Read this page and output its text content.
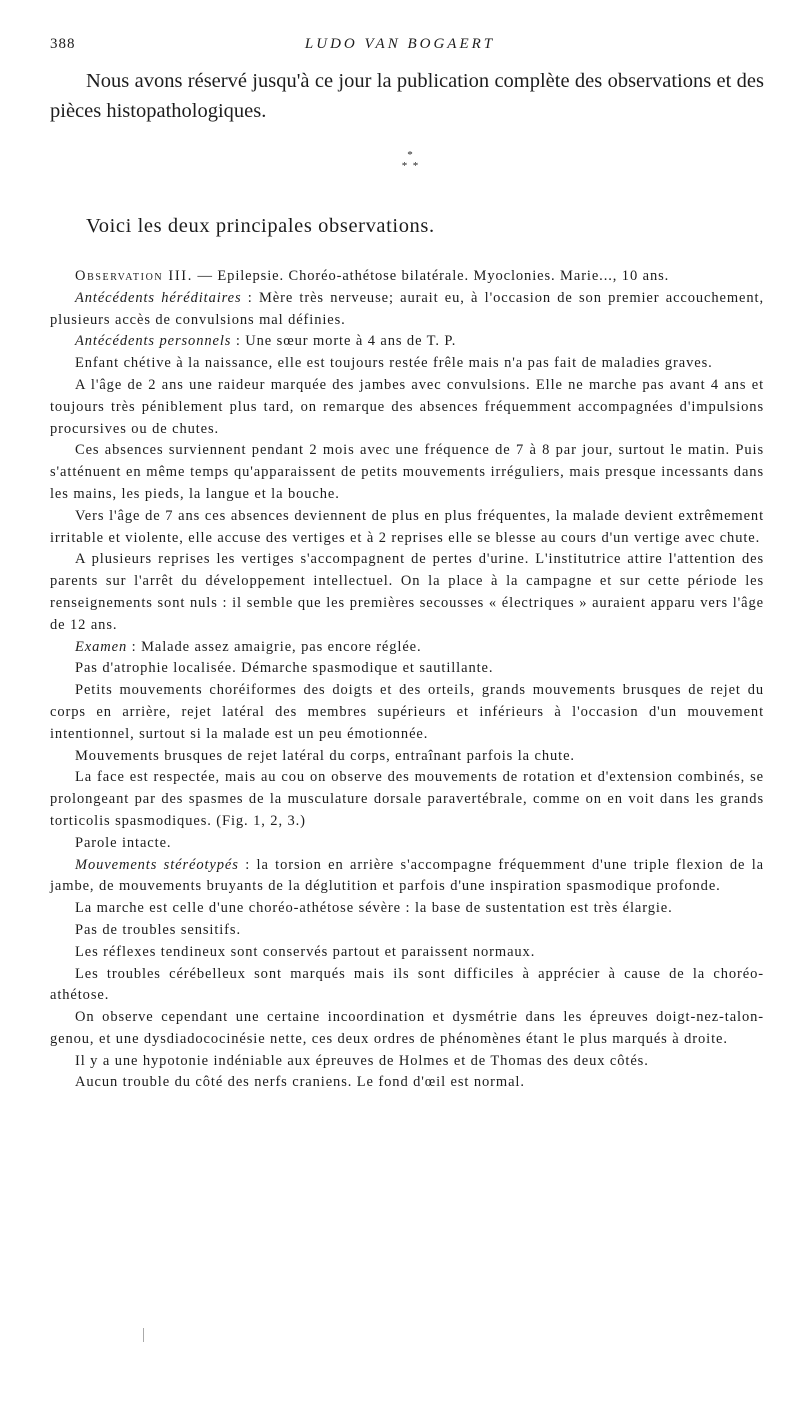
388	LUDO VAN BOGAERT

Nous avons réservé jusqu'à ce jour la publication complète des observations et des pièces histopathologiques.

*
*  *

Voici les deux principales observations.

Observation III. — Epilepsie. Choréo-athétose bilatérale. Myoclonies. Marie..., 10 ans.

Antécédents héréditaires : Mère très nerveuse; aurait eu, à l'occasion de son premier accouchement, plusieurs accès de convulsions mal définies.

Antécédents personnels : Une sœur morte à 4 ans de T. P.

Enfant chétive à la naissance, elle est toujours restée frêle mais n'a pas fait de maladies graves.

A l'âge de 2 ans une raideur marquée des jambes avec convulsions. Elle ne marche pas avant 4 ans et toujours très péniblement plus tard, on remarque des absences fréquemment accompagnées d'impulsions procursives ou de chutes.

Ces absences surviennent pendant 2 mois avec une fréquence de 7 à 8 par jour, surtout le matin. Puis s'atténuent en même temps qu'apparaissent de petits mouvements irréguliers, mais presque incessants dans les mains, les pieds, la langue et la bouche.

Vers l'âge de 7 ans ces absences deviennent de plus en plus fréquentes, la malade devient extrêmement irritable et violente, elle accuse des vertiges et à 2 reprises elle se blesse au cours d'un vertige avec chute.

A plusieurs reprises les vertiges s'accompagnent de pertes d'urine. L'institutrice attire l'attention des parents sur l'arrêt du développement intellectuel. On la place à la campagne et sur cette période les renseignements sont nuls : il semble que les premières secousses « électriques » auraient apparu vers l'âge de 12 ans.

Examen : Malade assez amaigrie, pas encore réglée.

Pas d'atrophie localisée. Démarche spasmodique et sautillante.

Petits mouvements choréiformes des doigts et des orteils, grands mouvements brusques de rejet du corps en arrière, rejet latéral des membres supérieurs et inférieurs à l'occasion d'un mouvement intentionnel, surtout si la malade est un peu émotionnée.

Mouvements brusques de rejet latéral du corps, entraînant parfois la chute.

La face est respectée, mais au cou on observe des mouvements de rotation et d'extension combinés, se prolongeant par des spasmes de la musculature dorsale paravertébrale, comme on en voit dans les grands torticolis spasmodiques. (Fig. 1, 2, 3.)

Parole intacte.

Mouvements stéréotypés : la torsion en arrière s'accompagne fréquemment d'une triple flexion de la jambe, de mouvements bruyants de la déglutition et parfois d'une inspiration spasmodique profonde.

La marche est celle d'une choréo-athétose sévère : la base de sustentation est très élargie.

Pas de troubles sensitifs.

Les réflexes tendineux sont conservés partout et paraissent normaux.

Les troubles cérébelleux sont marqués mais ils sont difficiles à apprécier à cause de la choréo-athétose.

On observe cependant une certaine incoordination et dysmétrie dans les épreuves doigt-nez-talon-genou, et une dysdiadococinésie nette, ces deux ordres de phénomènes étant le plus marqués à droite.

Il y a une hypotonie indéniable aux épreuves de Holmes et de Thomas des deux côtés.

Aucun trouble du côté des nerfs craniens. Le fond d'œil est normal.
